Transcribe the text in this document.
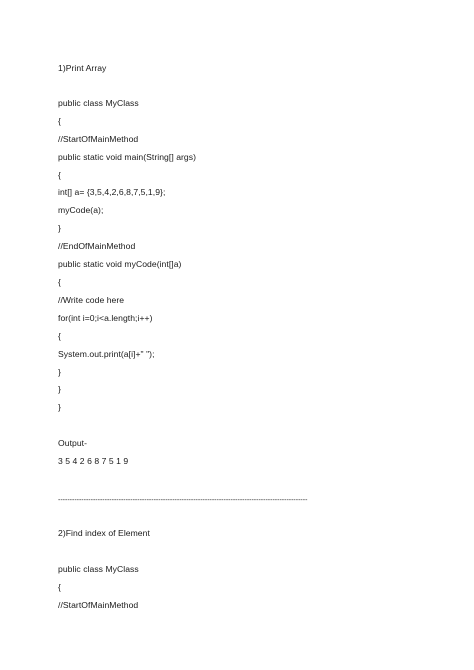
1)Print Array
public class MyClass
{
//StartOfMainMethod
public static void main(String[] args)
{
int[] a= {3,5,4,2,6,8,7,5,1,9};
myCode(a);
}
//EndOfMainMethod
public static void myCode(int[]a)
{
//Write code here
for(int i=0;i<a.length;i++)
{
System.out.print(a[i]+" ");
}
}
}
Output-
3 5 4 2 6 8 7 5 1 9
-----------------------------------------------------------------------------------------------------------
2)Find index of Element
public class MyClass
{
//StartOfMainMethod
